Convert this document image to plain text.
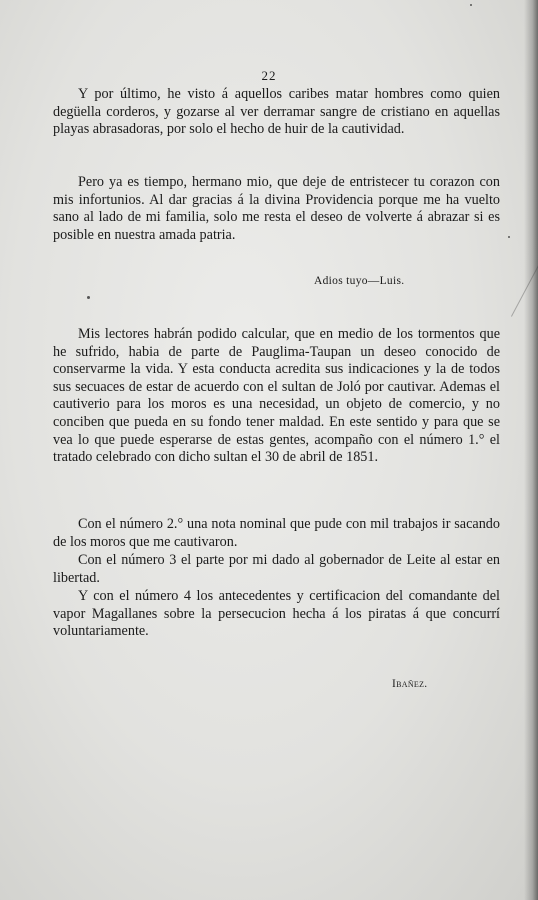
22

Y por último, he visto á aquellos caribes matar hombres como quien degüella corderos, y gozarse al ver derramar sangre de cristiano en aquellas playas abrasadoras, por solo el hecho de huir de la cautividad.

Pero ya es tiempo, hermano mio, que deje de entristecer tu corazon con mis infortunios. Al dar gracias á la divina Providencia porque me ha vuelto sano al lado de mi familia, solo me resta el deseo de volverte á abrazar si es posible en nuestra amada patria.

Adios tuyo—Luis.

Mis lectores habrán podido calcular, que en medio de los tormentos que he sufrido, habia de parte de Pauglima-Taupan un deseo conocido de conservarme la vida. Y esta conducta acredita sus indicaciones y la de todos sus secuaces de estar de acuerdo con el sultan de Joló por cautivar. Ademas el cautiverio para los moros es una necesidad, un objeto de comercio, y no conciben que pueda en su fondo tener maldad. En este sentido y para que se vea lo que puede esperarse de estas gentes, acompaño con el número 1.° el tratado celebrado con dicho sultan el 30 de abril de 1851.

Con el número 2.° una nota nominal que pude con mil trabajos ir sacando de los moros que me cautivaron.

Con el número 3 el parte por mi dado al gobernador de Leite al estar en libertad.

Y con el número 4 los antecedentes y certificacion del comandante del vapor Magallanes sobre la persecucion hecha á los piratas á que concurrí voluntariamente.

Ibañez.
